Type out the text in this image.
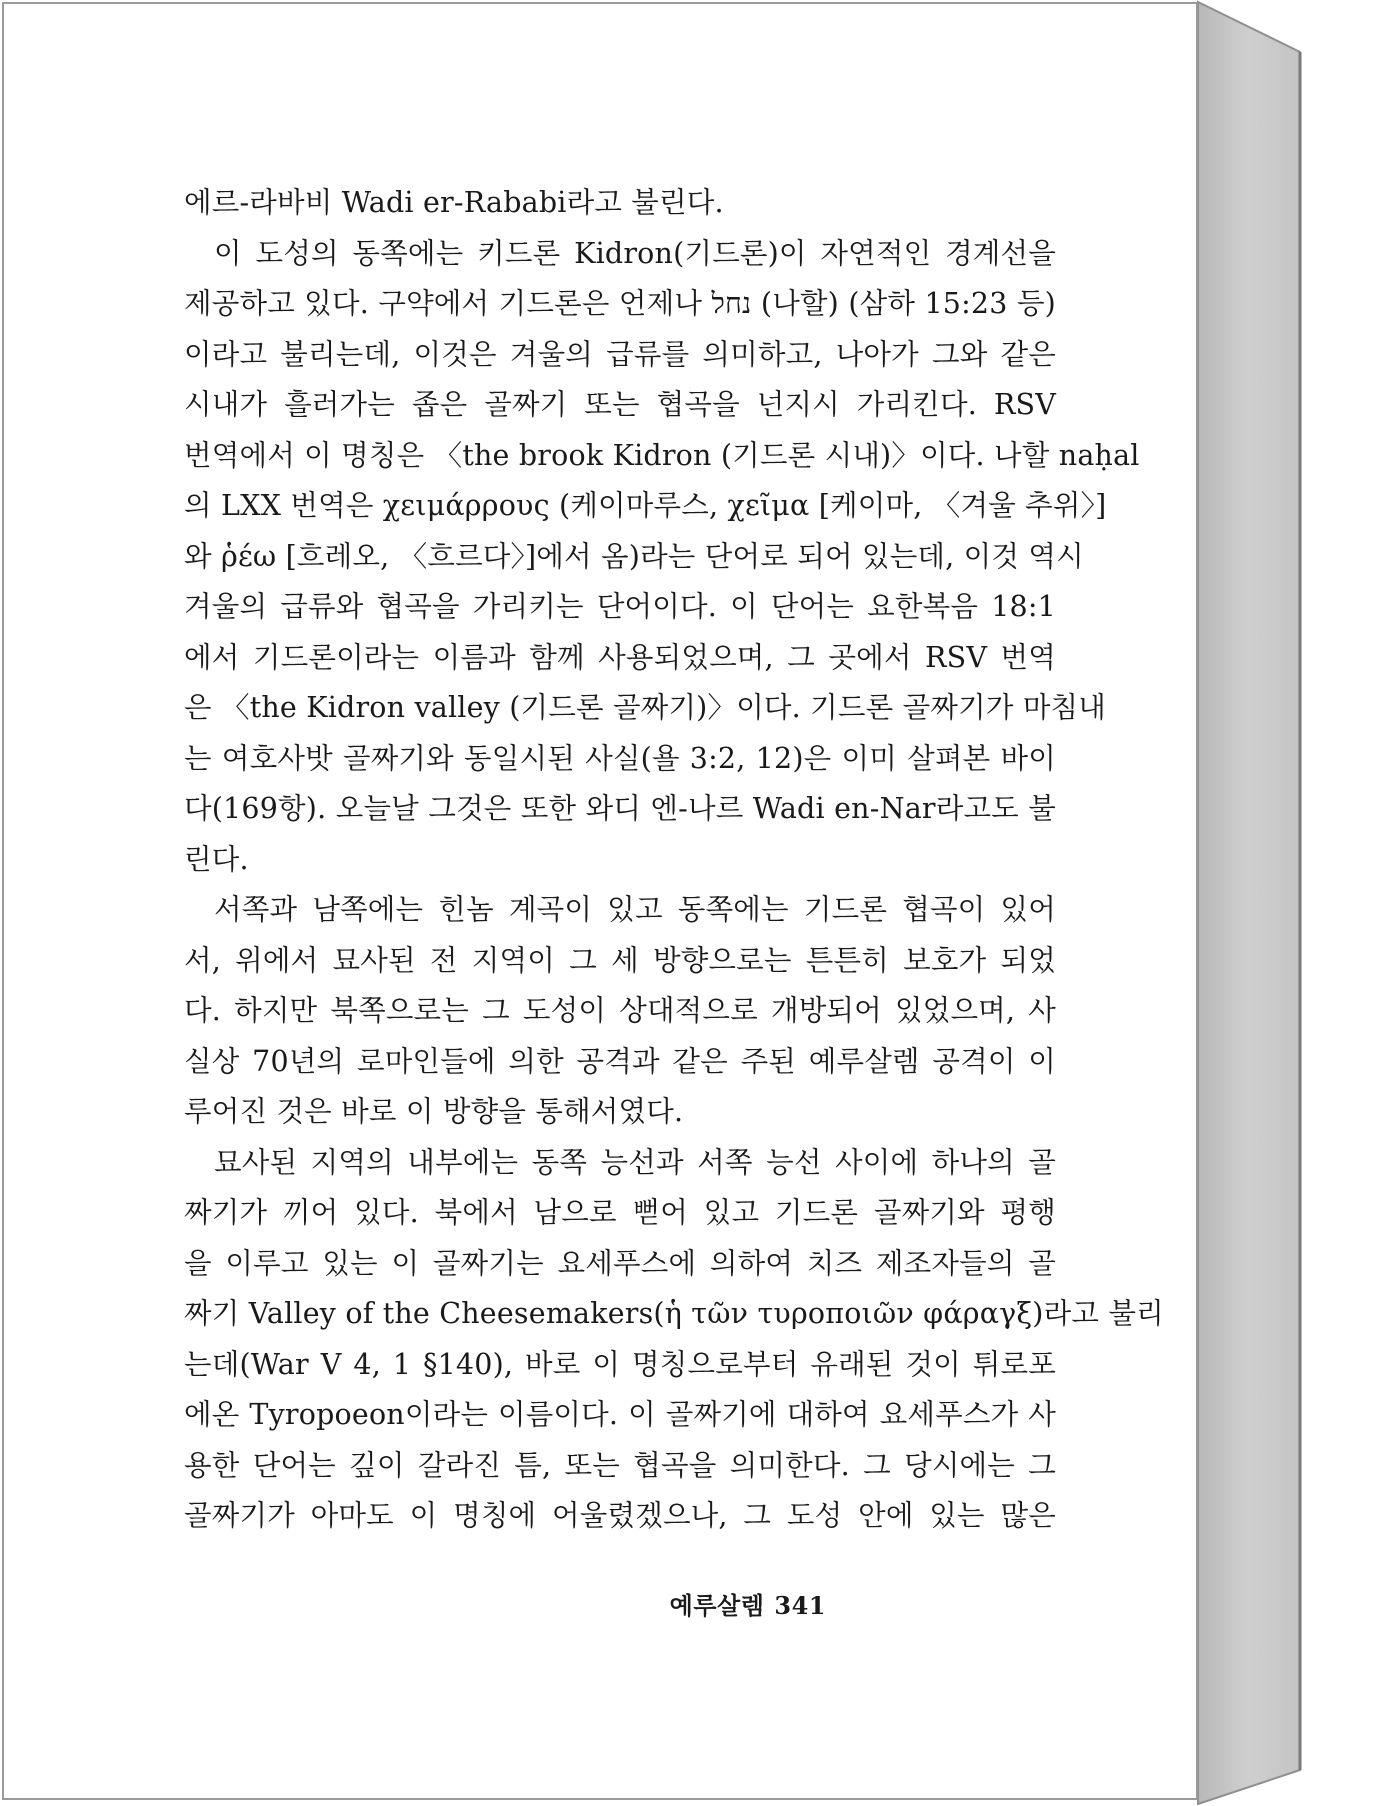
에르-라바비 Wadi er-Rababi라고 불린다.
이 도성의 동쪽에는 키드론 Kidron(기드론)이 자연적인 경계선을
제공하고 있다. 구약에서 기드론은 언제나 נחל (나할) (삼하 15:23 등)
이라고 불리는데, 이것은 겨울의 급류를 의미하고, 나아가 그와 같은
시내가 흘러가는 좁은 골짜기 또는 협곡을 넌지시 가리킨다. RSV
번역에서 이 명칭은 〈the brook Kidron (기드론 시내)〉이다. 나할 naḥal
의 LXX 번역은 χειμάρρους (케이마루스, χεῖμα [케이마, 〈겨울 추위〉]
와 ῥέω [흐레오, 〈흐르다〉]에서 옴)라는 단어로 되어 있는데, 이것 역시
겨울의 급류와 협곡을 가리키는 단어이다. 이 단어는 요한복음 18:1
에서 기드론이라는 이름과 함께 사용되었으며, 그 곳에서 RSV 번역
은 〈the Kidron valley (기드론 골짜기)〉이다. 기드론 골짜기가 마침내
는 여호사밧 골짜기와 동일시된 사실(욜 3:2, 12)은 이미 살펴본 바이
다(169항). 오늘날 그것은 또한 와디 엔-나르 Wadi en-Nar라고도 불
린다.
서쪽과 남쪽에는 힌놈 계곡이 있고 동쪽에는 기드론 협곡이 있어
서, 위에서 묘사된 전 지역이 그 세 방향으로는 튼튼히 보호가 되었
다. 하지만 북쪽으로는 그 도성이 상대적으로 개방되어 있었으며, 사
실상 70년의 로마인들에 의한 공격과 같은 주된 예루살렘 공격이 이
루어진 것은 바로 이 방향을 통해서였다.
묘사된 지역의 내부에는 동쪽 능선과 서쪽 능선 사이에 하나의 골
짜기가 끼어 있다. 북에서 남으로 뻗어 있고 기드론 골짜기와 평행
을 이루고 있는 이 골짜기는 요세푸스에 의하여 치즈 제조자들의 골
짜기 Valley of the Cheesemakers(ἡ τῶν τυροποιῶν φάραγξ)라고 불리
는데(War V 4, 1 §140), 바로 이 명칭으로부터 유래된 것이 튀로포
에온 Tyropoeon이라는 이름이다. 이 골짜기에 대하여 요세푸스가 사
용한 단어는 깊이 갈라진 틈, 또는 협곡을 의미한다. 그 당시에는 그
골짜기가 아마도 이 명칭에 어울렸겠으나, 그 도성 안에 있는 많은
예루살렘 341
